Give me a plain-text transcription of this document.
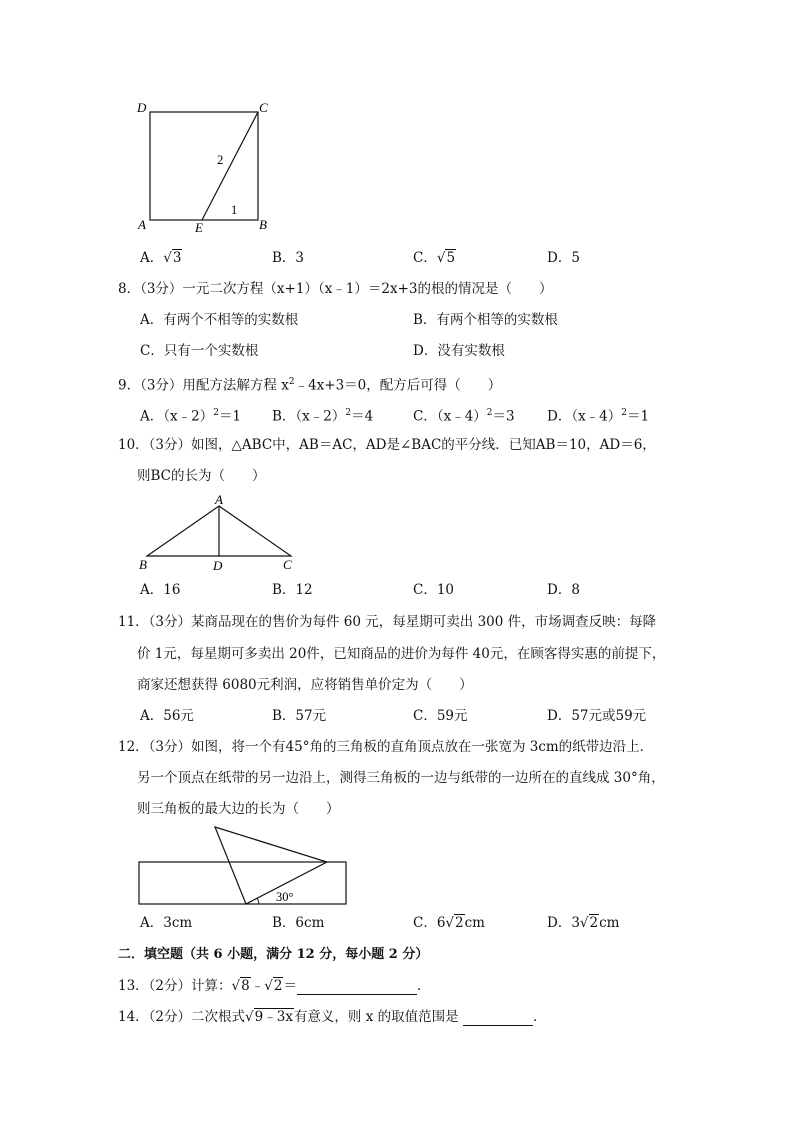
D	C
A	E	B
2
1
A．√3	B．3	C．√5	D．5
8．（3分）一元二次方程（x+1）（x﹣1）＝2x+3的根的情况是（　　）
A．有两个不相等的实数根	B．有两个相等的实数根
C．只有一个实数根	D．没有实数根
9．（3分）用配方法解方程 $x^2﹣4x+3=0$，配方后可得（　　）
A．（x﹣2）$^2$＝1 B．（x﹣2）$^2$＝4	C．（x﹣4）$^2$＝3 D．（x﹣4）$^2$＝1
10．（3分）如图，△ABC中，AB＝AC，AD是∠BAC的平分线．已知AB＝10，AD＝6，
则BC的长为（　　）
A
B	D	C
A．16	B．12	C．10	D．8
11．（3分）某商品现在的售价为每件 60 元，每星期可卖出 300 件，市场调查反映：每降
价 1元，每星期可多卖出 20件，已知商品的进价为每件 40元，在顾客得实惠的前提下，
商家还想获得 6080元利润，应将销售单价定为（　　）
A．56元	B．57元	C．59元	D．57元或59元
12．（3分）如图，将一个有45°角的三角板的直角顶点放在一张宽为 3cm的纸带边沿上．
另一个顶点在纸带的另一边沿上，测得三角板的一边与纸带的一边所在的直线成 30°角，
则三角板的最大边的长为（　　）
30°
A．3cm	B．6cm	C．6√2cm	D．3√2cm
二．填空题（共 6 小题，满分 12 分，每小题 2 分）
13．（2分）计算：√8﹣√2＝	．
14．（2分）二次根式√9﹣3x有意义，则 x 的取值范围是	．
